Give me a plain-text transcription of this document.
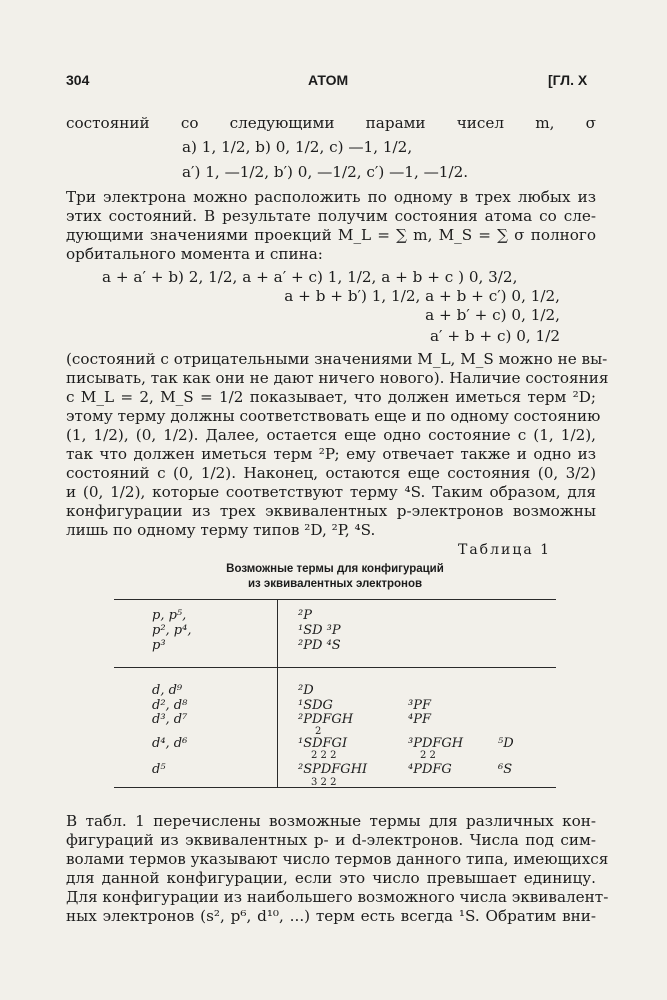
304	АТОМ	[ГЛ. X
состояний со следующими парами чисел m, σ
a) 1, 1/2, b) 0, 1/2, c) —1, 1/2,
a′) 1, —1/2, b′) 0, —1/2, c′) —1, —1/2.
Три электрона можно расположить по одному в трех любых из
этих состояний. В результате получим состояния атома со сле-
дующими значениями проекций M_L = ∑ m, M_S = ∑ σ полного
орбитального момента и спина:
a + a′ + b) 2, 1/2, a + a′ + c) 1, 1/2, a + b + c ) 0, 3/2,
a + b + b′) 1, 1/2, a + b + c′) 0, 1/2,
a + b′ + c) 0, 1/2,
a′ + b + c) 0, 1/2
(состояний с отрицательными значениями M_L, M_S можно не вы-
писывать, так как они не дают ничего нового). Наличие состояния
с M_L = 2, M_S = 1/2 показывает, что должен иметься терм ²D;
этому терму должны соответствовать еще и по одному состоянию
(1, 1/2), (0, 1/2). Далее, остается еще одно состояние с (1, 1/2),
так что должен иметься терм ²P; ему отвечает также и одно из
состояний с (0, 1/2). Наконец, остаются еще состояния (0, 3/2)
и (0, 1/2), которые соответствуют терму ⁴S. Таким образом, для
конфигурации из трех эквивалентных p-электронов возможны
лишь по одному терму типов ²D, ²P, ⁴S.
Таблица 1
Возможные термы для конфигураций
из эквивалентных электронов
p, p⁵,
p², p⁴,
p³
²P
¹SD ³P
²PD ⁴S
d, d⁹
d², d⁸
d³, d⁷
d⁴, d⁶
d⁵
²D
¹SDG
²PDFGH
2
¹SDFGI
2 2 2
²SPDFGHI
3 2 2
³PF
⁴PF
³PDFGH
2 2
⁴PDFG
⁵D
⁶S
В табл. 1 перечислены возможные термы для различных кон-
фигураций из эквивалентных p- и d-электронов. Числа под сим-
волами термов указывают число термов данного типа, имеющихся
для данной конфигурации, если это число превышает единицу.
Для конфигурации из наибольшего возможного числа эквивалент-
ных электронов (s², p⁶, d¹⁰, ...) терм есть всегда ¹S. Обратим вни-
